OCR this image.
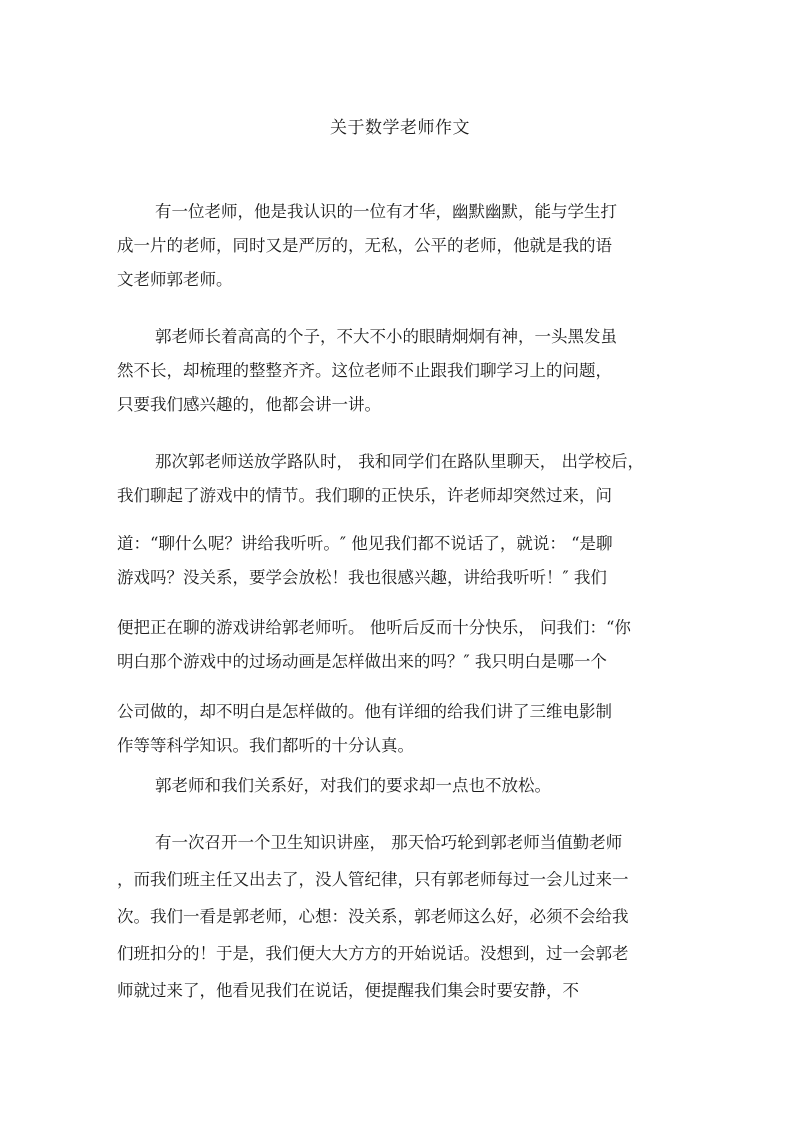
关于数学老师作文
有一位老师，他是我认识的一位有才华，幽默幽默，能与学生打
成一片的老师，同时又是严厉的，无私，公平的老师，他就是我的语
文老师郭老师。
郭老师长着高高的个子，不大不小的眼睛炯炯有神，一头黑发虽
然不长，却梳理的整整齐齐。这位老师不止跟我们聊学习上的问题，
只要我们感兴趣的，他都会讲一讲。
那次郭老师送放学路队时， 我和同学们在路队里聊天， 出学校后，
我们聊起了游戏中的情节。我们聊的正快乐，许老师却突然过来，问
道：“聊什么呢？讲给我听听。″ 他见我们都不说话了，就说： “是聊
游戏吗？没关系，要学会放松！我也很感兴趣，讲给我听听！″ 我们
便把正在聊的游戏讲给郭老师听。 他听后反而十分快乐， 问我们：“你
明白那个游戏中的过场动画是怎样做出来的吗？″ 我只明白是哪一个
公司做的，却不明白是怎样做的。他有详细的给我们讲了三维电影制
作等等科学知识。我们都听的十分认真。
郭老师和我们关系好，对我们的要求却一点也不放松。
有一次召开一个卫生知识讲座， 那天恰巧轮到郭老师当值勤老师
，而我们班主任又出去了，没人管纪律，只有郭老师每过一会儿过来一
次。我们一看是郭老师，心想：没关系，郭老师这么好，必须不会给我
们班扣分的！于是，我们便大大方方的开始说话。没想到，过一会郭老
师就过来了，他看见我们在说话，便提醒我们集会时要安静，不
